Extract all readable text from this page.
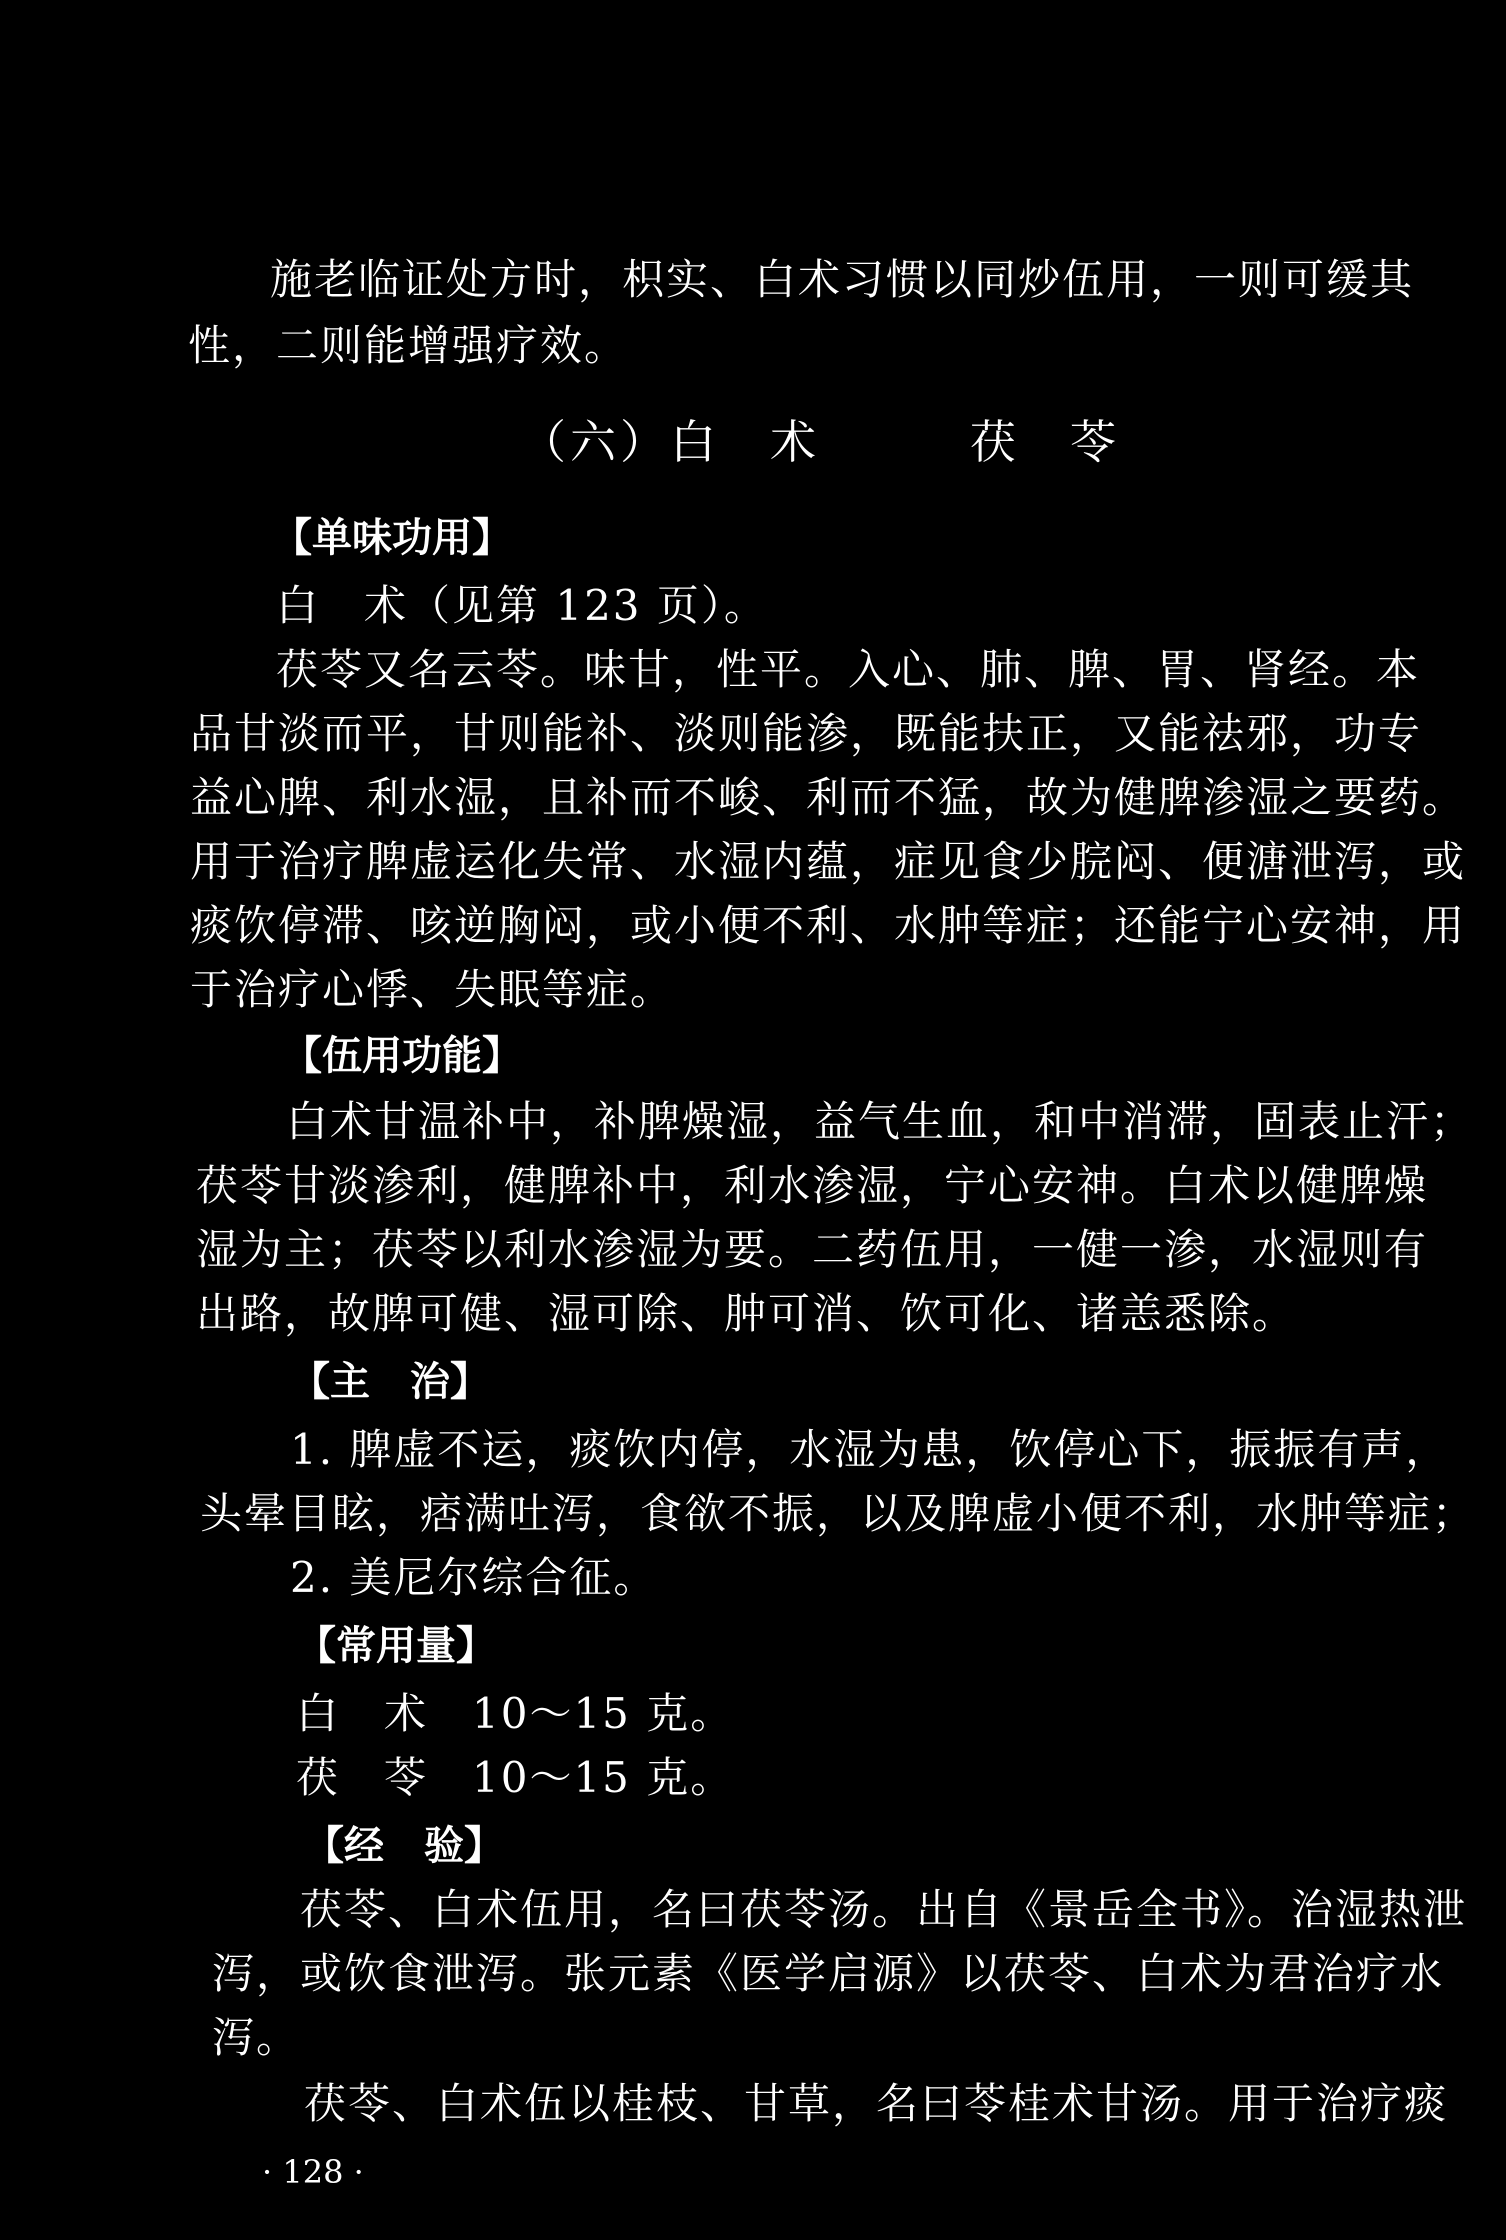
施老临证处方时，枳实、白术习惯以同炒伍用，一则可缓其
性，二则能增强疗效。
（六）白　术　　　茯　苓
【单味功用】
白　术（见第 123 页）。
茯苓又名云苓。味甘，性平。入心、肺、脾、胃、肾经。本
品甘淡而平，甘则能补、淡则能渗，既能扶正，又能祛邪，功专
益心脾、利水湿，且补而不峻、利而不猛，故为健脾渗湿之要药。
用于治疗脾虚运化失常、水湿内蕴，症见食少脘闷、便溏泄泻，或
痰饮停滞、咳逆胸闷，或小便不利、水肿等症；还能宁心安神，用
于治疗心悸、失眠等症。
【伍用功能】
白术甘温补中，补脾燥湿，益气生血，和中消滞，固表止汗；
茯苓甘淡渗利，健脾补中，利水渗湿，宁心安神。白术以健脾燥
湿为主；茯苓以利水渗湿为要。二药伍用，一健一渗，水湿则有
出路，故脾可健、湿可除、肿可消、饮可化、诸恙悉除。
【主　治】
1. 脾虚不运，痰饮内停，水湿为患，饮停心下，振振有声，
头晕目眩，痞满吐泻，食欲不振，以及脾虚小便不利，水肿等症；
2. 美尼尔综合征。
【常用量】
白　术　10～15 克。
茯　苓　10～15 克。
【经　验】
茯苓、白术伍用，名曰茯苓汤。出自《景岳全书》。治湿热泄
泻，或饮食泄泻。张元素《医学启源》以茯苓、白术为君治疗水
泻。
茯苓、白术伍以桂枝、甘草，名曰苓桂术甘汤。用于治疗痰
· 128 ·
